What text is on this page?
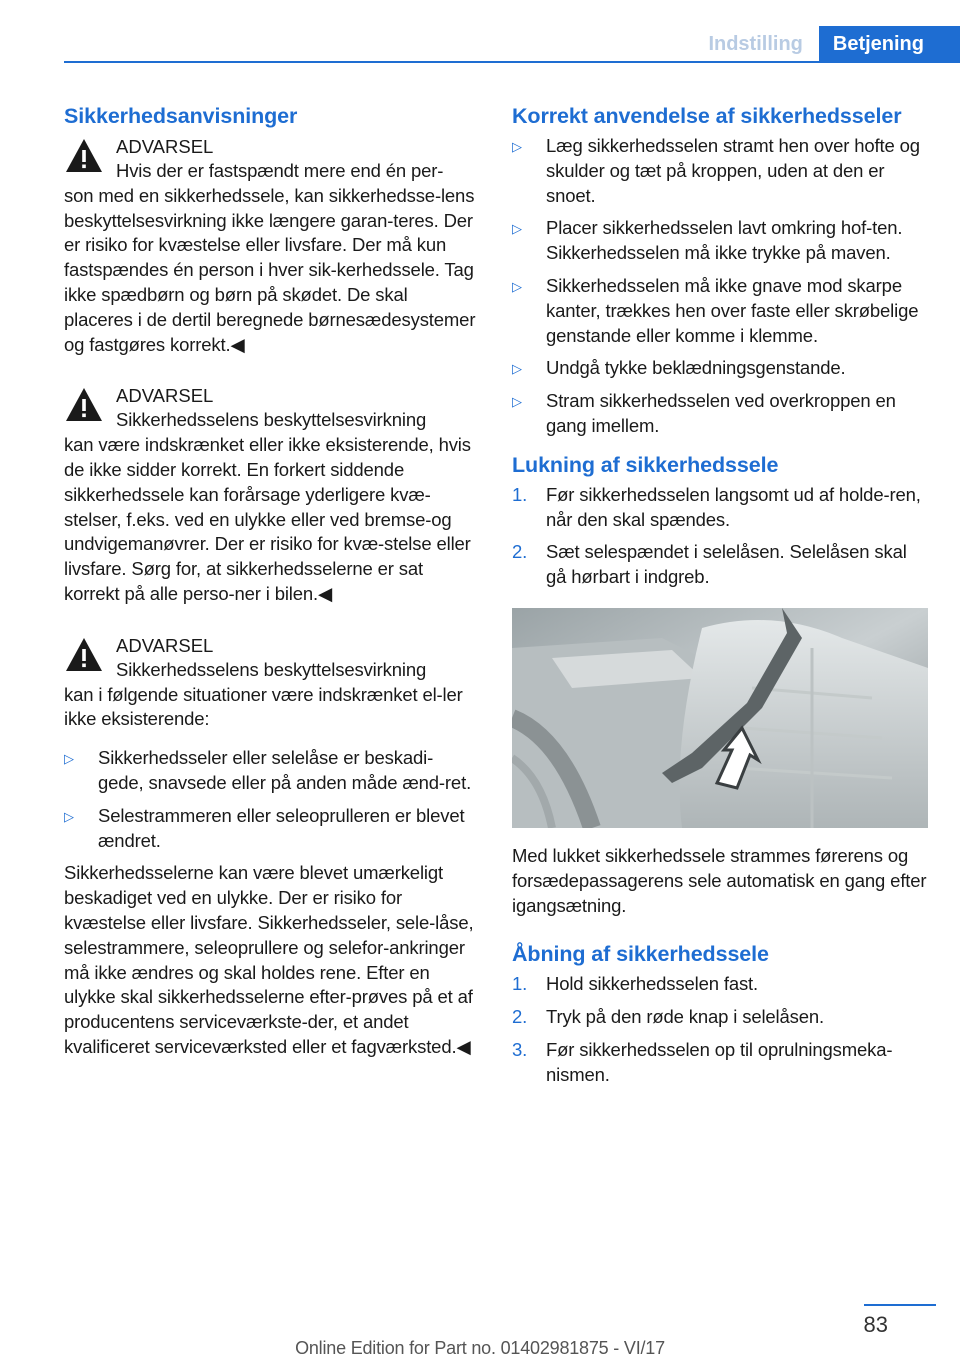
Indstilling	Betjening
Sikkerhedsanvisninger
ADVARSEL
Hvis der er fastspændt mere end én per-
son med en sikkerhedssele, kan sikkerhedsse-lens beskyttelsesvirkning ikke længere garan-teres. Der er risiko for kvæstelse eller livsfare. Der må kun fastspændes én person i hver sik-kerhedssele. Tag ikke spædbørn og børn på skødet. De skal placeres i de dertil beregnede børnesædesystemer og fastgøres korrekt.◀
ADVARSEL
Sikkerhedsselens beskyttelsesvirkning
kan være indskrænket eller ikke eksisterende, hvis de ikke sidder korrekt. En forkert siddende sikkerhedssele kan forårsage yderligere kvæ-stelser, f.eks. ved en ulykke eller ved bremse-og undvigemanøvrer. Der er risiko for kvæ-stelse eller livsfare. Sørg for, at sikkerhedsselerne er sat korrekt på alle perso-ner i bilen.◀
ADVARSEL
Sikkerhedsselens beskyttelsesvirkning
kan i følgende situationer være indskrænket el-ler ikke eksisterende:
▷ Sikkerhedsseler eller selelåse er beskadi-gede, snavsede eller på anden måde ænd-ret.
▷ Selestrammeren eller seleoprulleren er blevet ændret.

Sikkerhedsselerne kan være blevet umærkeligt beskadiget ved en ulykke. Der er risiko for kvæstelse eller livsfare. Sikkerhedsseler, sele-låse, selestrammere, seleoprullere og selefor-ankringer må ikke ændres og skal holdes rene. Efter en ulykke skal sikkerhedsselerne efter-prøves på et af producentens serviceværkste-der, et andet kvalificeret serviceværksted eller et fagværksted.◀

Korrekt anvendelse af sikkerhedsseler
▷ Læg sikkerhedsselen stramt hen over hofte og skulder og tæt på kroppen, uden at den er snoet.
▷ Placer sikkerhedsselen lavt omkring hof-ten. Sikkerhedsselen må ikke trykke på maven.
▷ Sikkerhedsselen må ikke gnave mod skarpe kanter, trækkes hen over faste eller skrøbelige genstande eller komme i klemme.
▷ Undgå tykke beklædningsgenstande.
▷ Stram sikkerhedsselen ved overkroppen en gang imellem.
Lukning af sikkerhedssele
1. Før sikkerhedsselen langsomt ud af holde-ren, når den skal spændes.
2. Sæt selespændet i selelåsen. Selelåsen skal gå hørbart i indgreb.

Med lukket sikkerhedssele strammes førerens og forsædepassagerens sele automatisk en gang efter igangsætning.

Åbning af sikkerhedssele
1. Hold sikkerhedsselen fast.
2. Tryk på den røde knap i selelåsen.
3. Før sikkerhedsselen op til oprulningsmeka-nismen.
83
Online Edition for Part no. 01402981875 - VI/17
